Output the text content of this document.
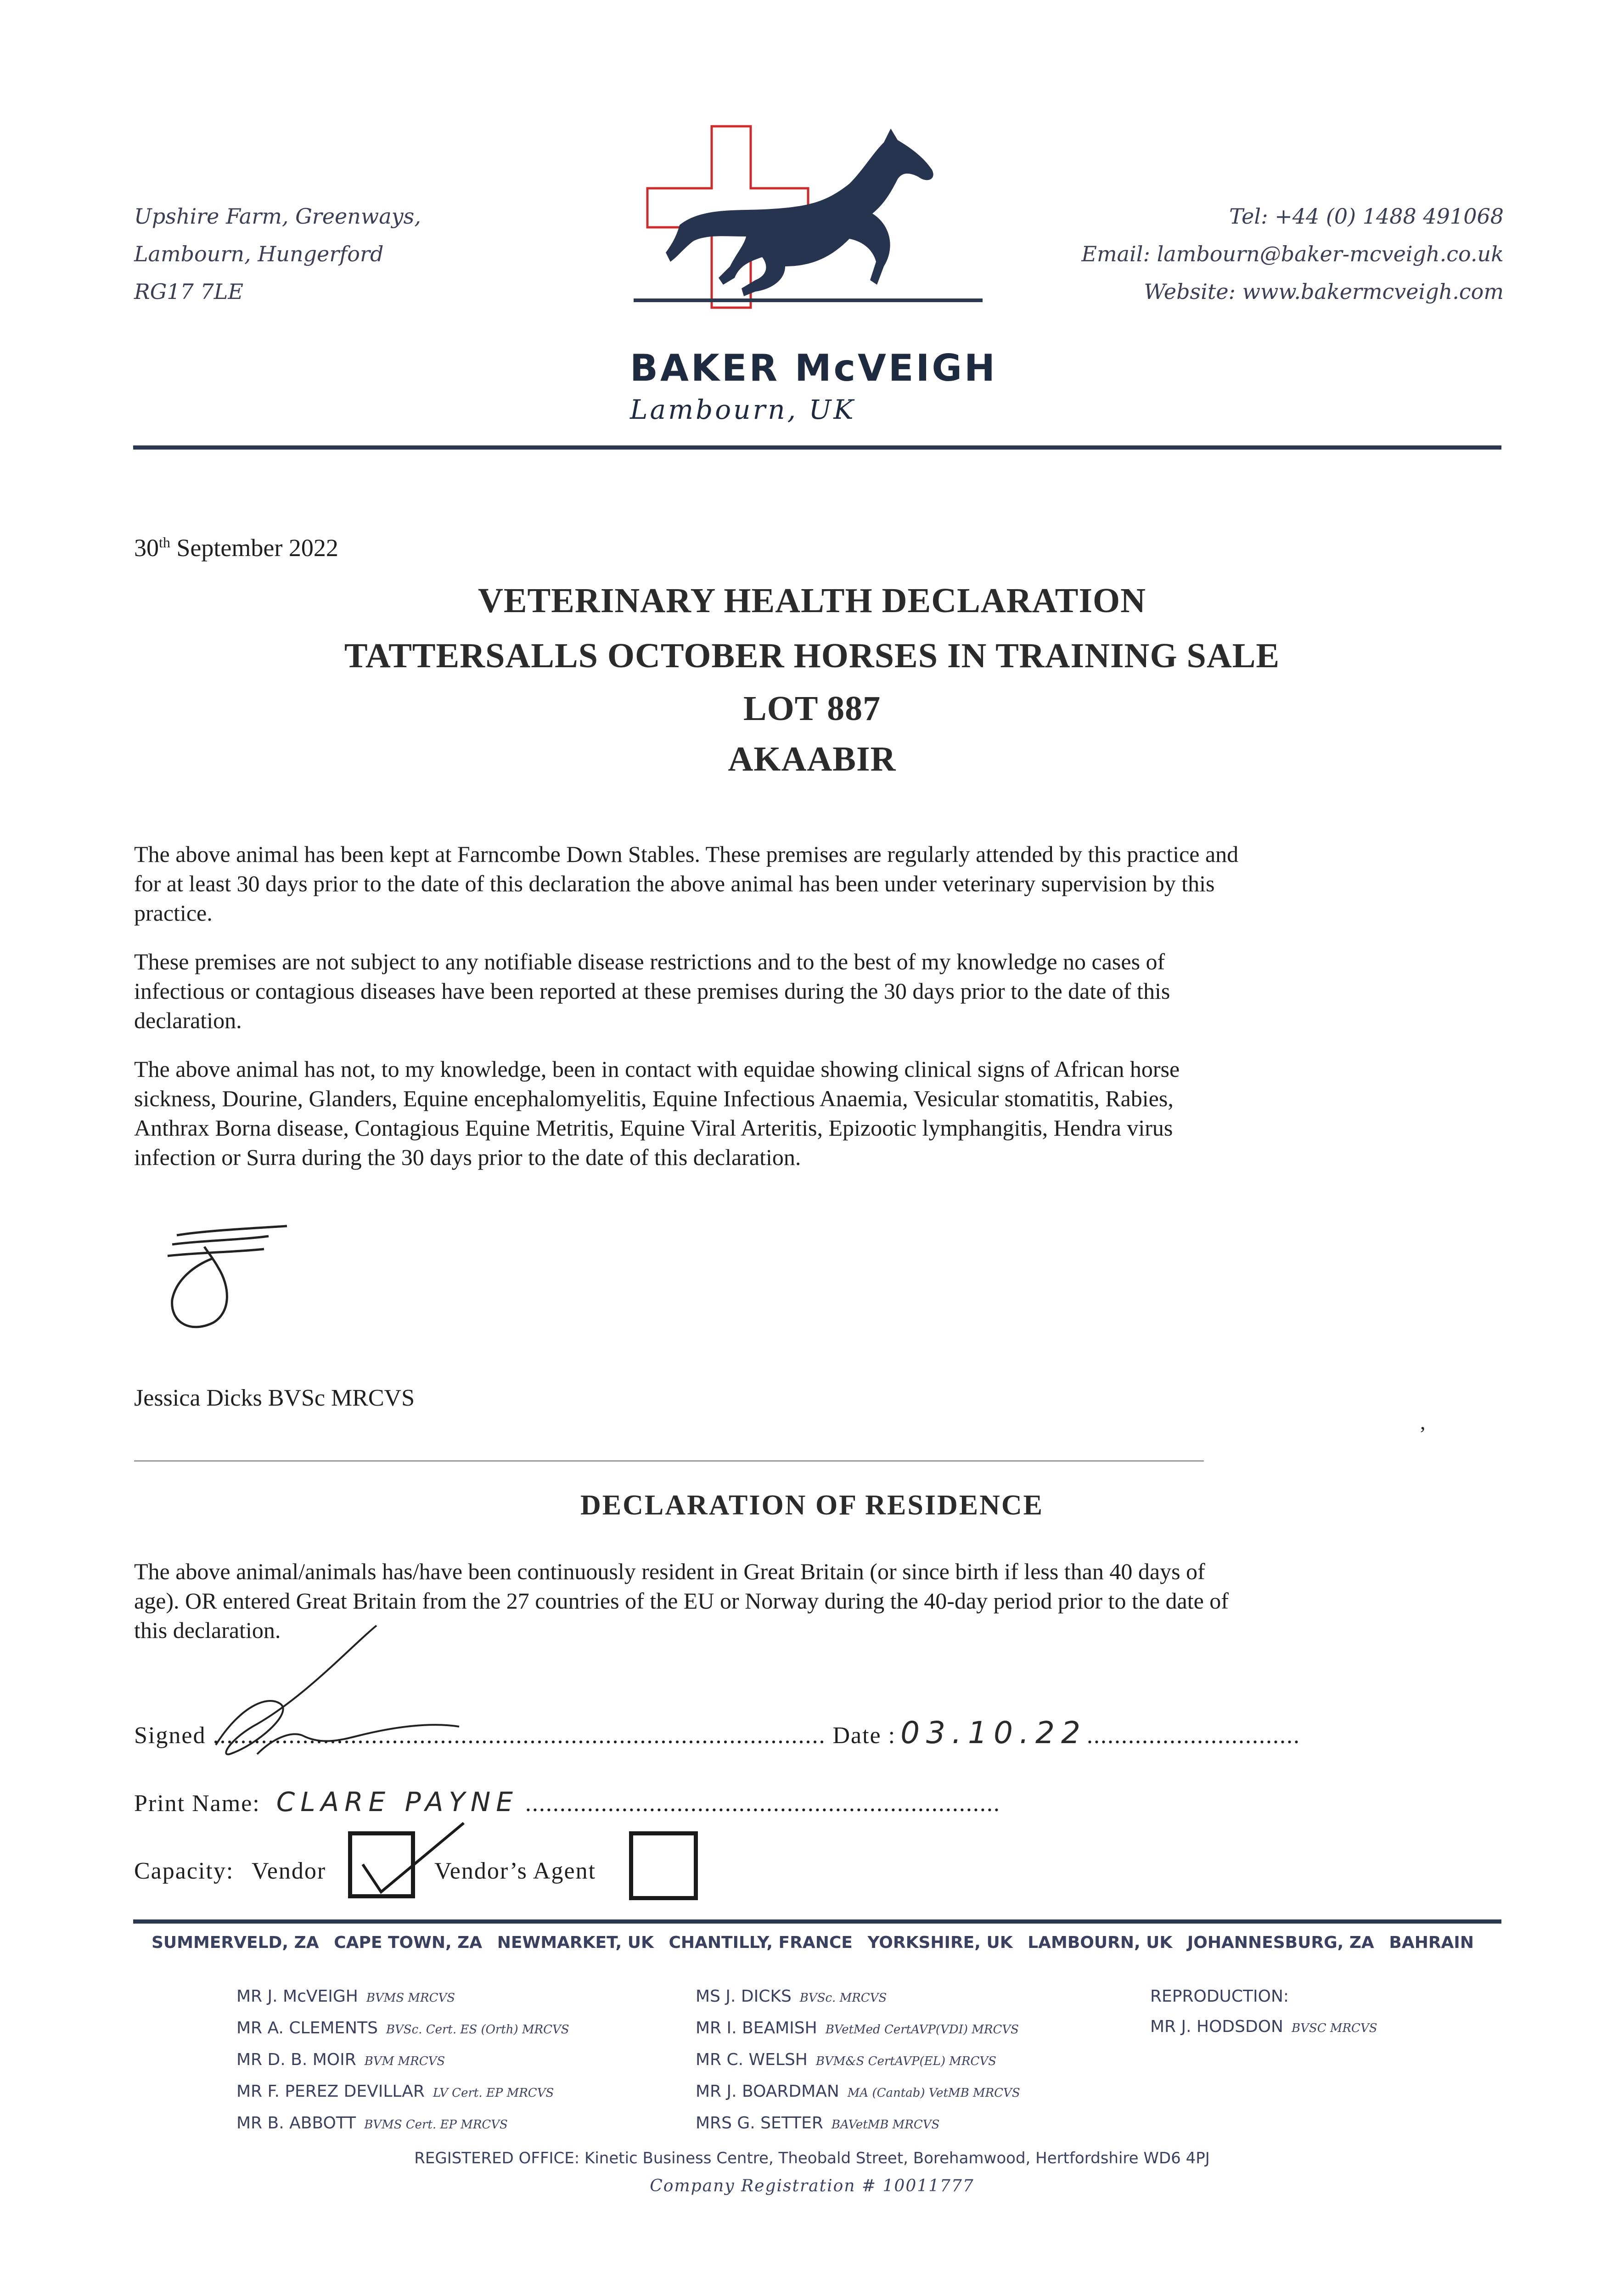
Upshire Farm, Greenways,
Lambourn, Hungerford
RG17 7LE
BAKER McVEIGH
Lambourn, UK
Tel: +44 (0) 1488 491068
Email: lambourn@baker-mcveigh.co.uk
Website: www.bakermcveigh.com
30th September 2022
VETERINARY HEALTH DECLARATION
TATTERSALLS OCTOBER HORSES IN TRAINING SALE
LOT 887
AKAABIR
The above animal has been kept at Farncombe Down Stables. These premises are regularly attended by this practice and
for at least 30 days prior to the date of this declaration the above animal has been under veterinary supervision by this
practice.
These premises are not subject to any notifiable disease restrictions and to the best of my knowledge no cases of
infectious or contagious diseases have been reported at these premises during the 30 days prior to the date of this
declaration.
The above animal has not, to my knowledge, been in contact with equidae showing clinical signs of African horse
sickness, Dourine, Glanders, Equine encephalomyelitis, Equine Infectious Anaemia, Vesicular stomatitis, Rabies,
Anthrax Borna disease, Contagious Equine Metritis, Equine Viral Arteritis, Epizootic lymphangitis, Hendra virus
infection or Surra during the 30 days prior to the date of this declaration.
Jessica Dicks BVSc MRCVS
,
DECLARATION OF RESIDENCE
The above animal/animals has/have been continuously resident in Great Britain (or since birth if less than 40 days of
age). OR entered Great Britain from the 27 countries of the EU or Norway during the 40-day period prior to the date of
this declaration.
Signed ......................................................................................... Date : 03.10.22...............................
Print Name: CLARE PAYNE .....................................................................
Capacity: Vendor	Vendor’s Agent
SUMMERVELD, ZA CAPE TOWN, ZA NEWMARKET, UK CHANTILLY, FRANCE YORKSHIRE, UK LAMBOURN, UK JOHANNESBURG, ZA BAHRAIN
MR J. McVEIGH BVMS MRCVS
MR A. CLEMENTS BVSc. Cert. ES (Orth) MRCVS
MR D. B. MOIR BVM MRCVS
MR F. PEREZ DEVILLAR LV Cert. EP MRCVS
MR B. ABBOTT BVMS Cert. EP MRCVS
MS J. DICKS BVSc. MRCVS
MR I. BEAMISH BVetMed CertAVP(VDI) MRCVS
MR C. WELSH BVM&S CertAVP(EL) MRCVS
MR J. BOARDMAN MA (Cantab) VetMB MRCVS
MRS G. SETTER BAVetMB MRCVS
REPRODUCTION:
MR J. HODSDON BVSC MRCVS
REGISTERED OFFICE: Kinetic Business Centre, Theobald Street, Borehamwood, Hertfordshire WD6 4PJ
Company Registration # 10011777
